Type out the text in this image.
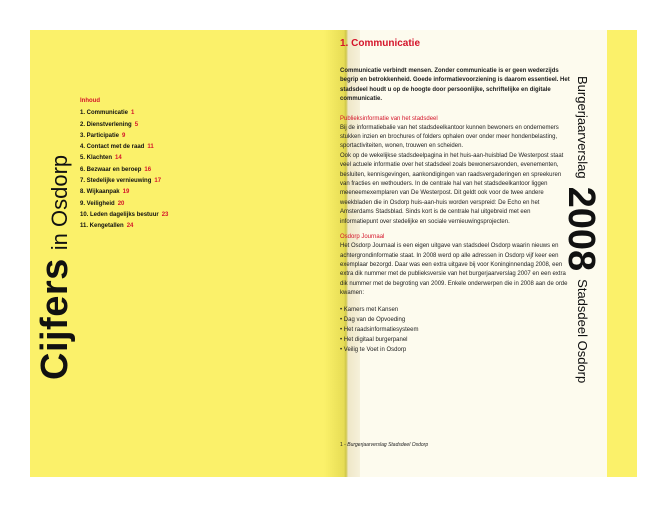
Cijfersin Osdorp
Inhoud
1. Communicatie 1
2. Dienstverlening 5
3. Participatie 9
4. Contact met de raad 11
5. Klachten 14
6. Bezwaar en beroep 16
7. Stedelijke vernieuwing 17
8. Wijkaanpak 19
9. Veiligheid 20
10. Leden dagelijks bestuur 23
11. Kengetallen 24
1. Communicatie
Communicatie verbindt mensen. Zonder communicatie is er geen wederzijds begrip en betrokkenheid. Goede informatievoorziening is daarom essentieel. Het stadsdeel houdt u op de hoogte door persoonlijke, schriftelijke en digitale communicatie.
Publieksinformatie van het stadsdeel
Bij de informatiebalie van het stadsdeelkantoor kunnen bewoners en ondernemers stukken inzien en brochures of folders ophalen over onder meer hondenbelasting, sportactiviteiten, wonen, trouwen en scheiden.
Ook op de wekelijkse stadsdeelpagina in het huis-aan-huisblad De Westerpost staat veel actuele informatie over het stadsdeel zoals bewonersavonden, evenementen, besluiten, kennisgevingen, aankondigingen van raadsvergaderingen en spreekuren van fracties en wethouders. In de centrale hal van het stadsdeelkantoor liggen meeneemexemplaren van De Westerpost. Dit geldt ook voor de twee andere weekbladen die in Osdorp huis-aan-huis worden verspreid: De Echo en het Amsterdams Stadsblad. Sinds kort is de centrale hal uitgebreid met een informatiepunt over stedelijke en sociale vernieuwingsprojecten.
Osdorp Journaal
Het Osdorp Journaal is een eigen uitgave van stadsdeel Osdorp waarin nieuws en achtergrondinformatie staat. In 2008 werd op alle adressen in Osdorp vijf keer een exemplaar bezorgd. Daar was een extra uitgave bij voor Koninginnendag 2008, een extra dik nummer met de publieksversie van het burgerjaarverslag 2007 en een extra dik nummer met de begroting van 2009. Enkele onderwerpen die in 2008 aan de orde kwamen:
• Kamers met Kansen
• Dag van de Opvoeding
• Het raadsinformatiesysteem
• Het digitaal burgerpanel
• Veilig te Voet in Osdorp
1 - Burgerjaarverslag Stadsdeel Osdorp
Burgerjaarverslag2008Stadsdeel Osdorp
